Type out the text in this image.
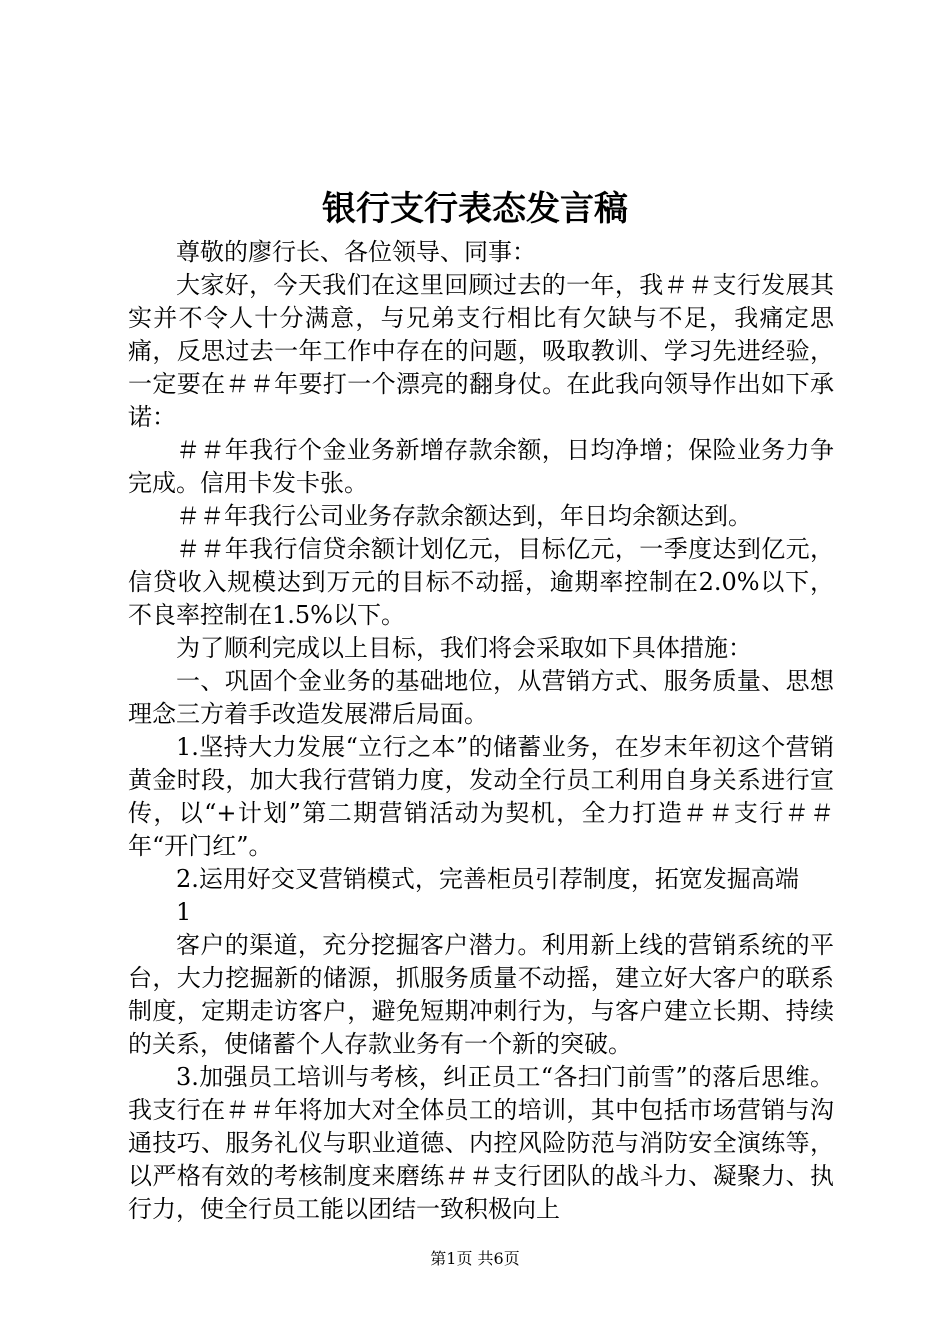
银行支行表态发言稿

尊敬的廖行长、各位领导、同事：

大家好，今天我们在这里回顾过去的一年，我＃＃支行发展其实并不令人十分满意，与兄弟支行相比有欠缺与不足，我痛定思痛，反思过去一年工作中存在的问题，吸取教训、学习先进经验，一定要在＃＃年要打一个漂亮的翻身仗。在此我向领导作出如下承诺：

＃＃年我行个金业务新增存款余额，日均净增；保险业务力争完成。信用卡发卡张。

＃＃年我行公司业务存款余额达到，年日均余额达到。

＃＃年我行信贷余额计划亿元，目标亿元，一季度达到亿元，信贷收入规模达到万元的目标不动摇，逾期率控制在2.0%以下，不良率控制在1.5%以下。

为了顺利完成以上目标，我们将会采取如下具体措施：

一、巩固个金业务的基础地位，从营销方式、服务质量、思想理念三方着手改造发展滞后局面。

1.坚持大力发展“立行之本”的储蓄业务，在岁末年初这个营销黄金时段，加大我行营销力度，发动全行员工利用自身关系进行宣传，以“+计划”第二期营销活动为契机，全力打造＃＃支行＃＃年“开门红”。

2.运用好交叉营销模式，完善柜员引荐制度，拓宽发掘高端

1

客户的渠道，充分挖掘客户潜力。利用新上线的营销系统的平台，大力挖掘新的储源，抓服务质量不动摇，建立好大客户的联系制度，定期走访客户，避免短期冲刺行为，与客户建立长期、持续的关系，使储蓄个人存款业务有一个新的突破。

3.加强员工培训与考核，纠正员工“各扫门前雪”的落后思维。我支行在＃＃年将加大对全体员工的培训，其中包括市场营销与沟通技巧、服务礼仪与职业道德、内控风险防范与消防安全演练等，以严格有效的考核制度来磨练＃＃支行团队的战斗力、凝聚力、执行力，使全行员工能以团结一致积极向上

第1页 共6页
